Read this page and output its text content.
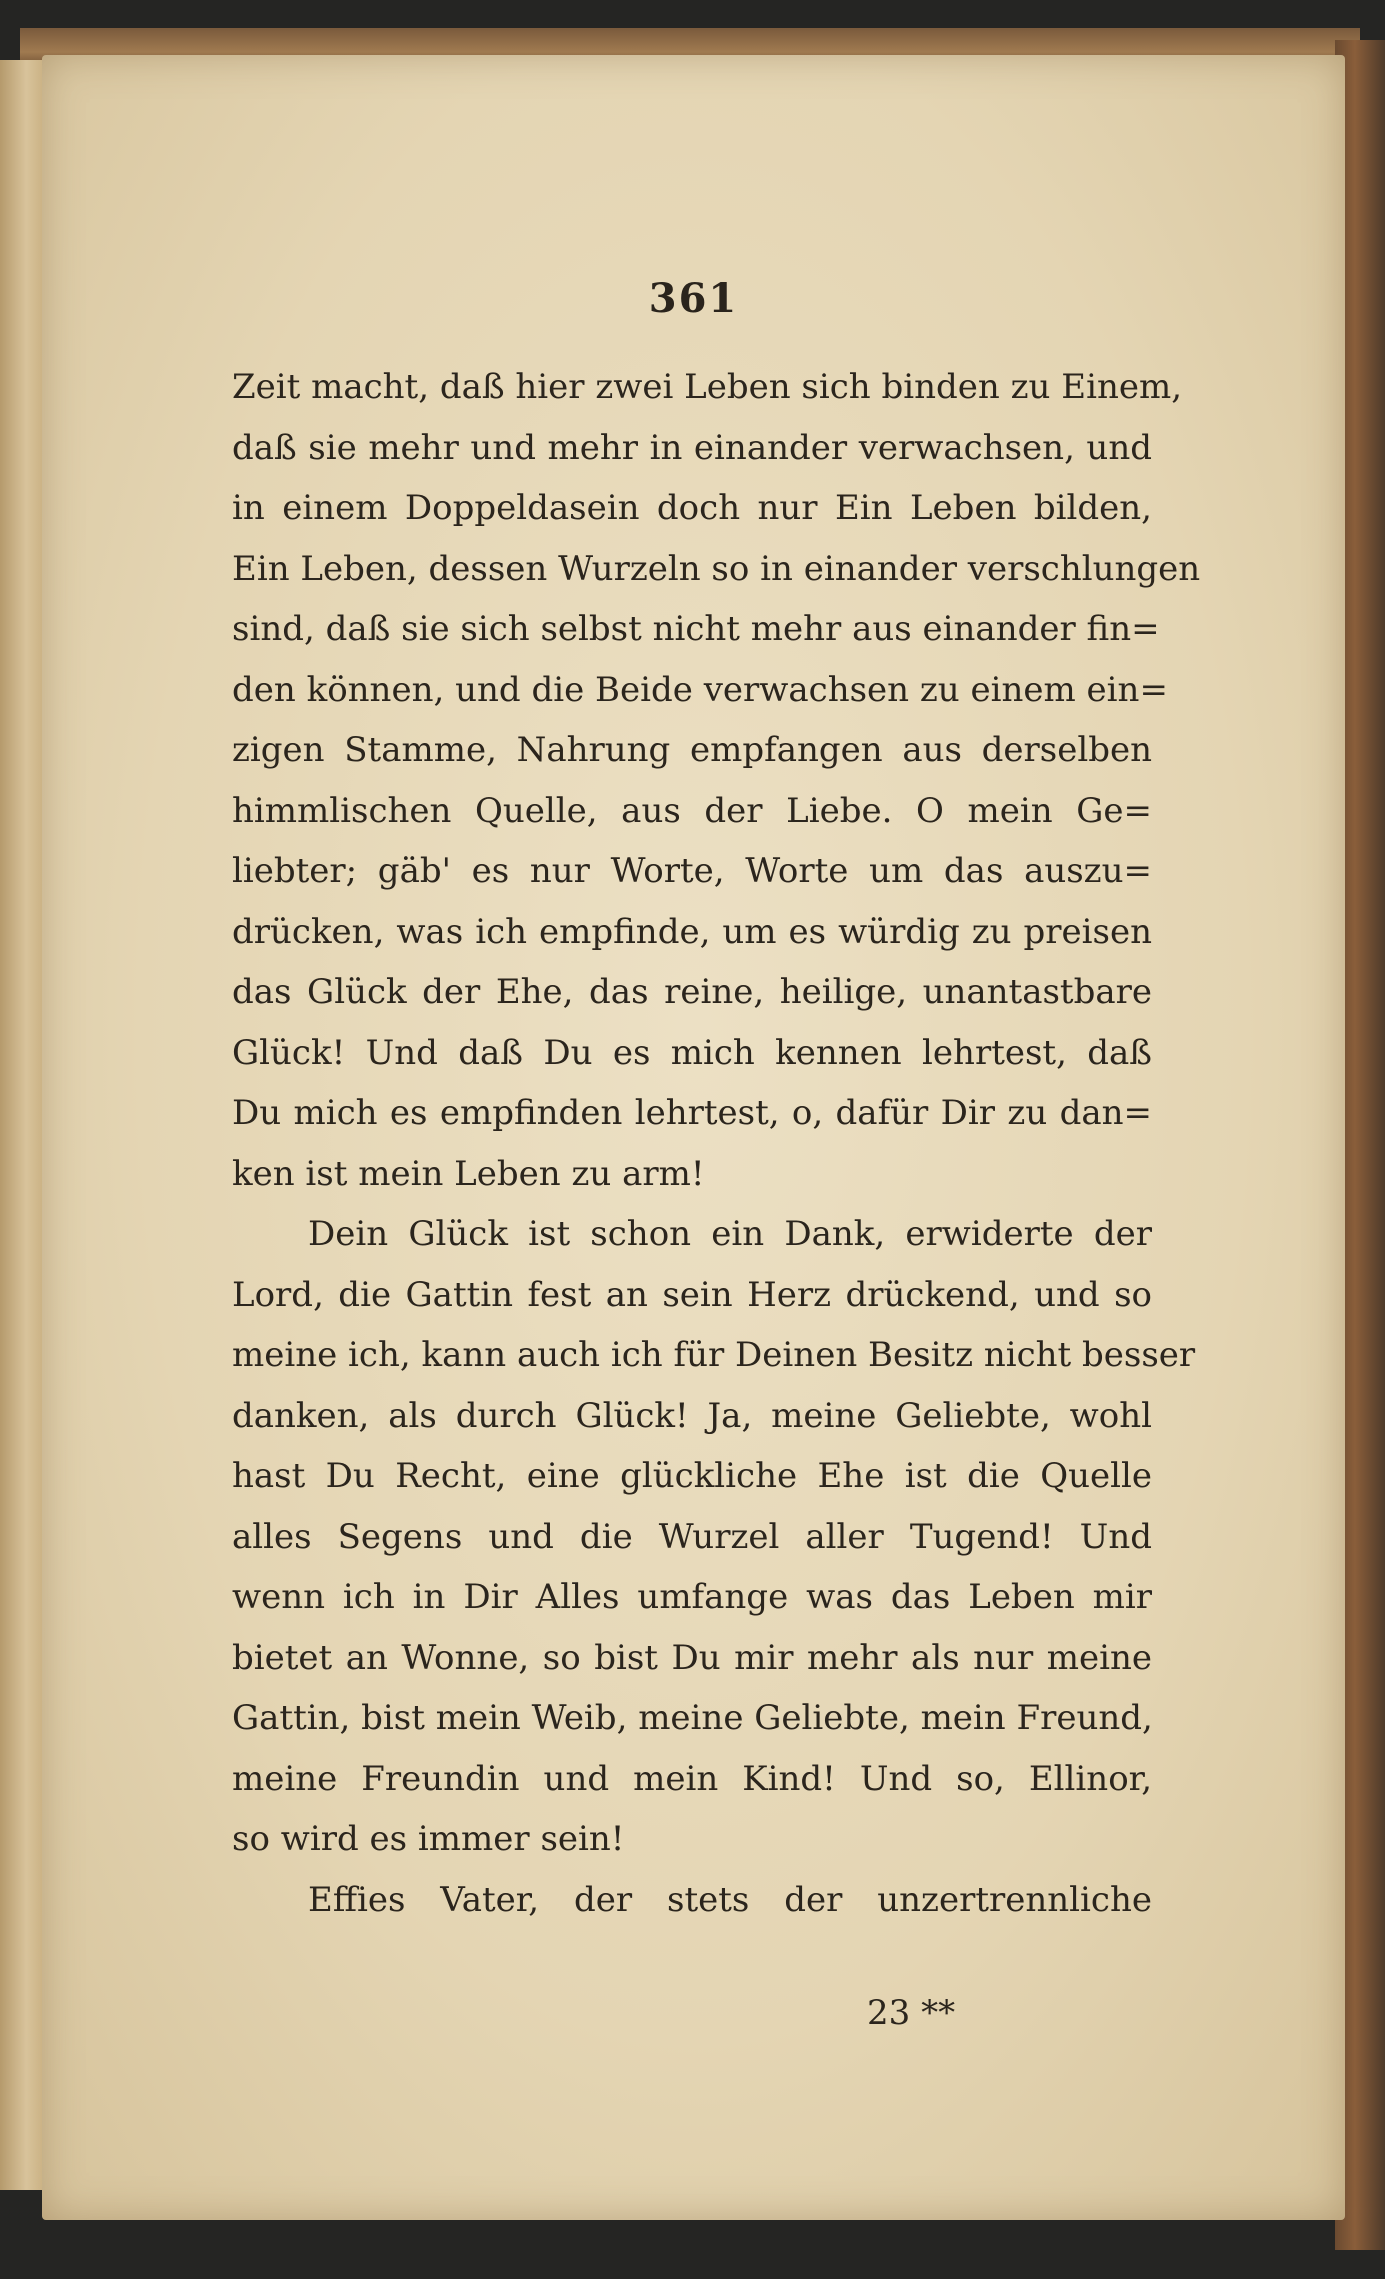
361
Zeit macht, daß hier zwei Leben sich binden zu Einem,
daß sie mehr und mehr in einander verwachsen, und
in einem Doppeldasein doch nur Ein Leben bilden,
Ein Leben, dessen Wurzeln so in einander verschlungen
sind, daß sie sich selbst nicht mehr aus einander fin=
den können, und die Beide verwachsen zu einem ein=
zigen Stamme, Nahrung empfangen aus derselben
himmlischen Quelle, aus der Liebe. O mein Ge=
liebter; gäb' es nur Worte, Worte um das auszu=
drücken, was ich empfinde, um es würdig zu preisen
das Glück der Ehe, das reine, heilige, unantastbare
Glück! Und daß Du es mich kennen lehrtest, daß
Du mich es empfinden lehrtest, o, dafür Dir zu dan=
ken ist mein Leben zu arm!
Dein Glück ist schon ein Dank, erwiderte der
Lord, die Gattin fest an sein Herz drückend, und so
meine ich, kann auch ich für Deinen Besitz nicht besser
danken, als durch Glück! Ja, meine Geliebte, wohl
hast Du Recht, eine glückliche Ehe ist die Quelle
alles Segens und die Wurzel aller Tugend! Und
wenn ich in Dir Alles umfange was das Leben mir
bietet an Wonne, so bist Du mir mehr als nur meine
Gattin, bist mein Weib, meine Geliebte, mein Freund,
meine Freundin und mein Kind! Und so, Ellinor,
so wird es immer sein!
Effies Vater, der stets der unzertrennliche
23 **
